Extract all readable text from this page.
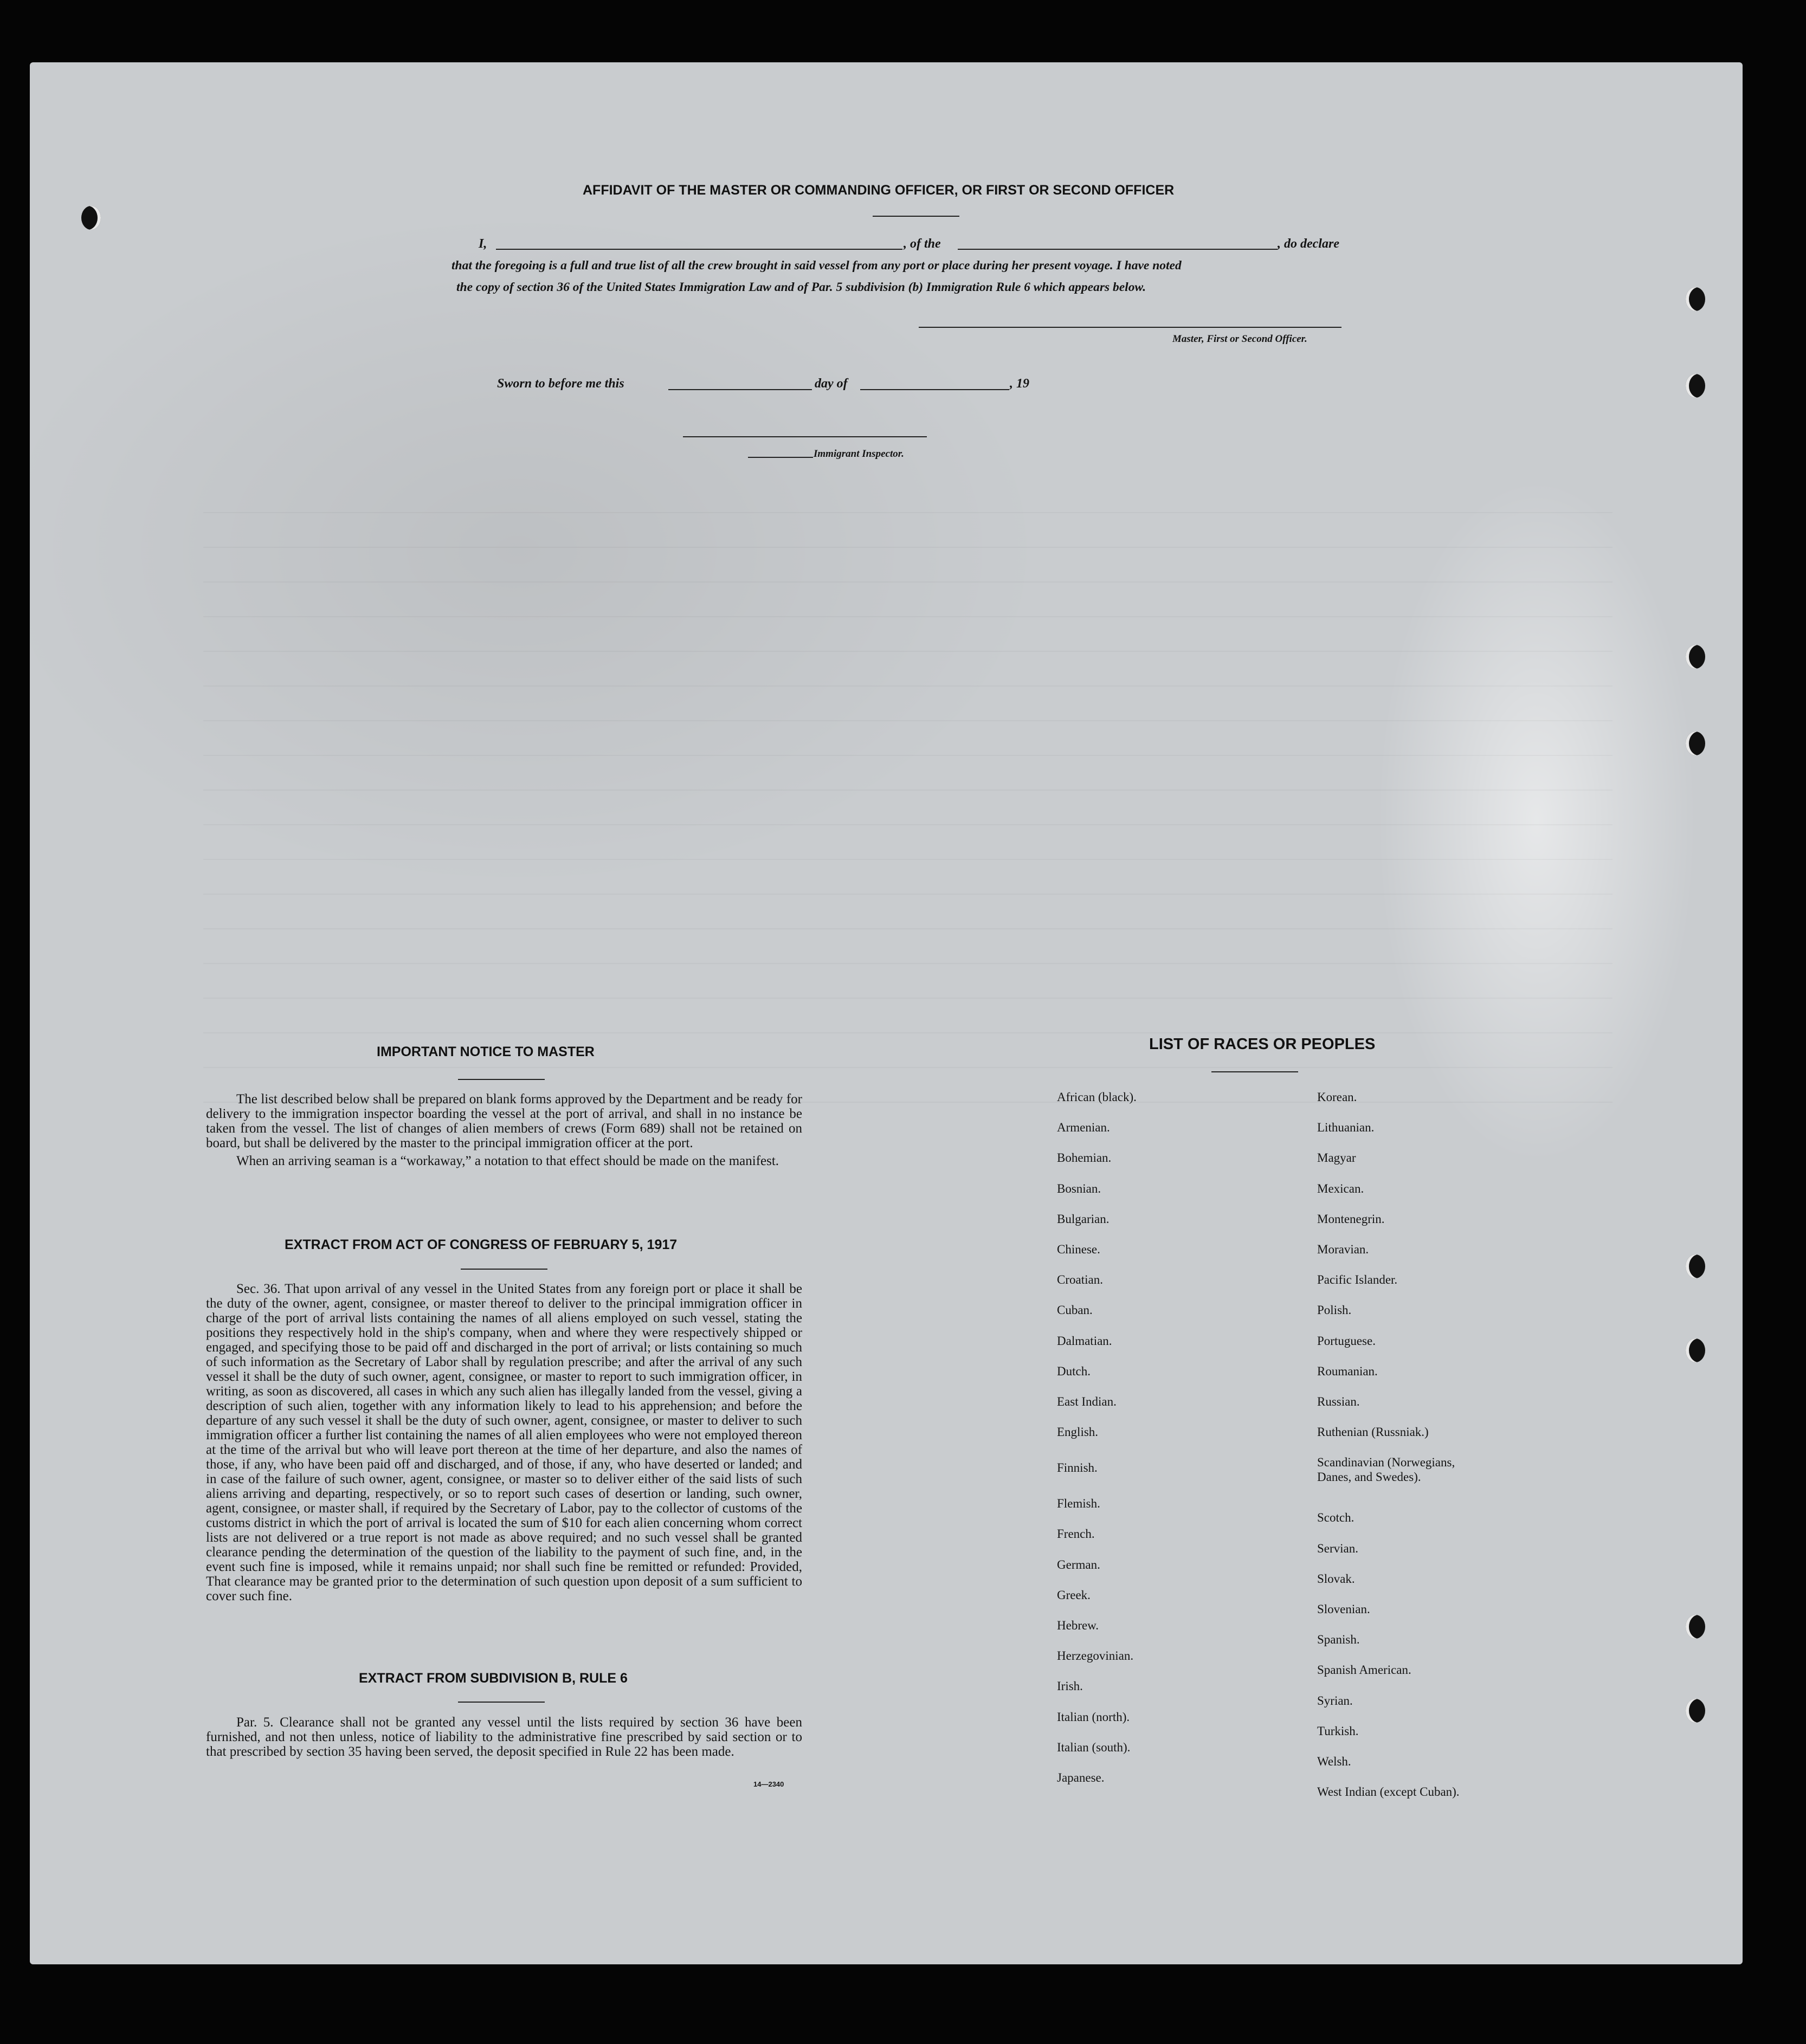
AFFIDAVIT OF THE MASTER OR COMMANDING OFFICER, OR FIRST OR SECOND OFFICER
I,	, of the	, do declare
that the foregoing is a full and true list of all the crew brought in said vessel from any port or place during her present voyage. I have noted
the copy of section 36 of the United States Immigration Law and of Par. 5 subdivision (b) Immigration Rule 6 which appears below.
Master, First or Second Officer.
Sworn to before me this	day of	, 19
Immigrant Inspector.
IMPORTANT NOTICE TO MASTER

The list described below shall be prepared on blank forms approved by the Department and be ready for delivery to the immigration inspector boarding the vessel at the port of arrival, and shall in no instance be taken from the vessel. The list of changes of alien members of crews (Form 689) shall not be retained on board, but shall be delivered by the master to the principal immigration officer at the port.

When an arriving seaman is a “workaway,” a notation to that effect should be made on the manifest.

EXTRACT FROM ACT OF CONGRESS OF FEBRUARY 5, 1917

Sec. 36. That upon arrival of any vessel in the United States from any foreign port or place it shall be the duty of the owner, agent, consignee, or master thereof to deliver to the principal immigration officer in charge of the port of arrival lists containing the names of all aliens employed on such vessel, stating the positions they respectively hold in the ship's company, when and where they were respectively shipped or engaged, and specifying those to be paid off and discharged in the port of arrival; or lists containing so much of such information as the Secretary of Labor shall by regulation prescribe; and after the arrival of any such vessel it shall be the duty of such owner, agent, consignee, or master to report to such immigration officer, in writing, as soon as discovered, all cases in which any such alien has illegally landed from the vessel, giving a description of such alien, together with any information likely to lead to his apprehension; and before the departure of any such vessel it shall be the duty of such owner, agent, consignee, or master to deliver to such immigration officer a further list containing the names of all alien employees who were not employed thereon at the time of the arrival but who will leave port thereon at the time of her departure, and also the names of those, if any, who have been paid off and discharged, and of those, if any, who have deserted or landed; and in case of the failure of such owner, agent, consignee, or master so to deliver either of the said lists of such aliens arriving and departing, respectively, or so to report such cases of desertion or landing, such owner, agent, consignee, or master shall, if required by the Secretary of Labor, pay to the collector of customs of the customs district in which the port of arrival is located the sum of $10 for each alien concerning whom correct lists are not delivered or a true report is not made as above required; and no such vessel shall be granted clearance pending the determination of the question of the liability to the payment of such fine, and, in the event such fine is imposed, while it remains unpaid; nor shall such fine be remitted or refunded: Provided, That clearance may be granted prior to the determination of such question upon deposit of a sum sufficient to cover such fine.

EXTRACT FROM SUBDIVISION B, RULE 6

Par. 5. Clearance shall not be granted any vessel until the lists required by section 36 have been furnished, and not then unless, notice of liability to the administrative fine prescribed by said section or to that prescribed by section 35 having been served, the deposit specified in Rule 22 has been made.

14—2340
LIST OF RACES OR PEOPLES
African (black).
Armenian.
Bohemian.
Bosnian.
Bulgarian.
Chinese.
Croatian.
Cuban.
Dalmatian.
Dutch.
East Indian.
English.
Finnish.
Flemish.
French.
German.
Greek.
Hebrew.
Herzegovinian.
Irish.
Italian (north).
Italian (south).
Japanese.
Korean.
Lithuanian.
Magyar
Mexican.
Montenegrin.
Moravian.
Pacific Islander.
Polish.
Portuguese.
Roumanian.
Russian.
Ruthenian (Russniak.)
Scandinavian (Norwegians,
Danes, and Swedes).
Scotch.
Servian.
Slovak.
Slovenian.
Spanish.
Spanish American.
Syrian.
Turkish.
Welsh.
West Indian (except Cuban).
